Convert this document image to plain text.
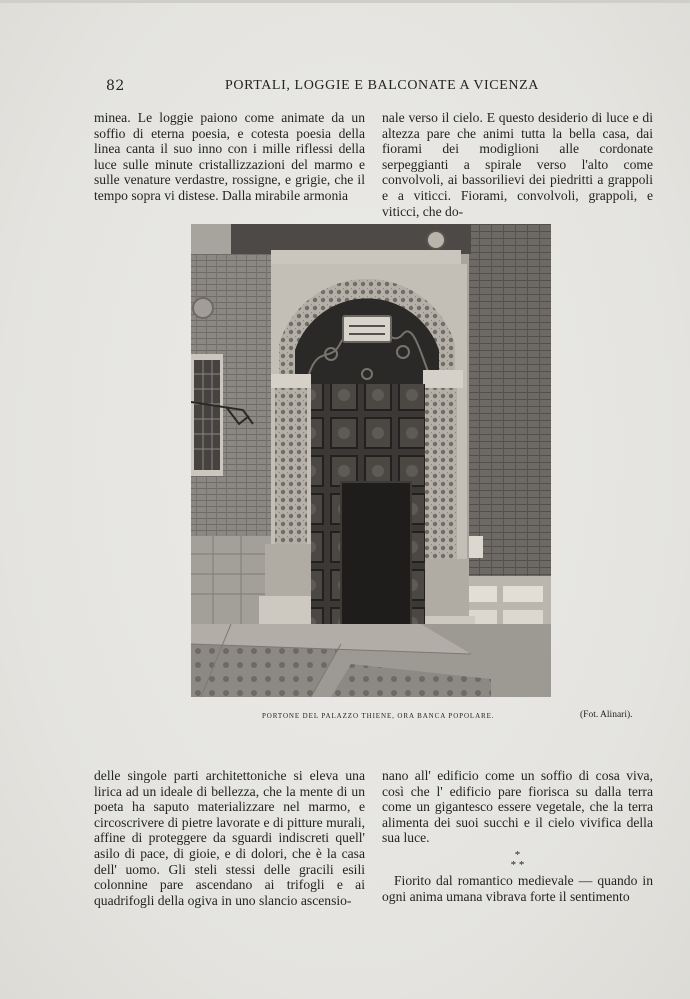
82	PORTALI, LOGGIE E BALCONATE A VICENZA

minea. Le loggie paiono come animate da un soffio di eterna poesia, e cotesta poesia della linea canta il suo inno con i mille riflessi della luce sulle minute cristallizzazioni del marmo e sulle venature verdastre, rossigne, e grigie, che il tempo sopra vi distese. Dalla mirabile armonia

nale verso il cielo. E questo desiderio di luce e di altezza pare che animi tutta la bella casa, dai fiorami dei modiglioni alle cordonate serpeggianti a spirale verso l'alto come convolvoli, ai bassorilievi dei piedritti a grappoli e a viticci. Fiorami, convolvoli, grappoli, e viticci, che do-

PORTONE DEL PALAZZO THIENE, ORA BANCA POPOLARE.	(Fot. Alinari).

delle singole parti architettoniche si eleva una lirica ad un ideale di bellezza, che la mente di un poeta ha saputo materializzare nel marmo, e circoscrivere di pietre lavorate e di pitture murali, affine di proteggere da sguardi indiscreti quell' asilo di pace, di gioie, e di dolori, che è la casa dell' uomo. Gli steli stessi delle gracili esili colonnine pare ascendano ai trifogli e ai quadrifogli della ogiva in uno slancio ascensio-

nano all' edificio come un soffio di cosa viva, così che l' edificio pare fiorisca su dalla terra come un gigantesco essere vegetale, che la terra alimenta dei suoi succhi e il cielo vivifica della sua luce.

*
* *

Fiorito dal romantico medievale — quando in ogni anima umana vibrava forte il sentimento
